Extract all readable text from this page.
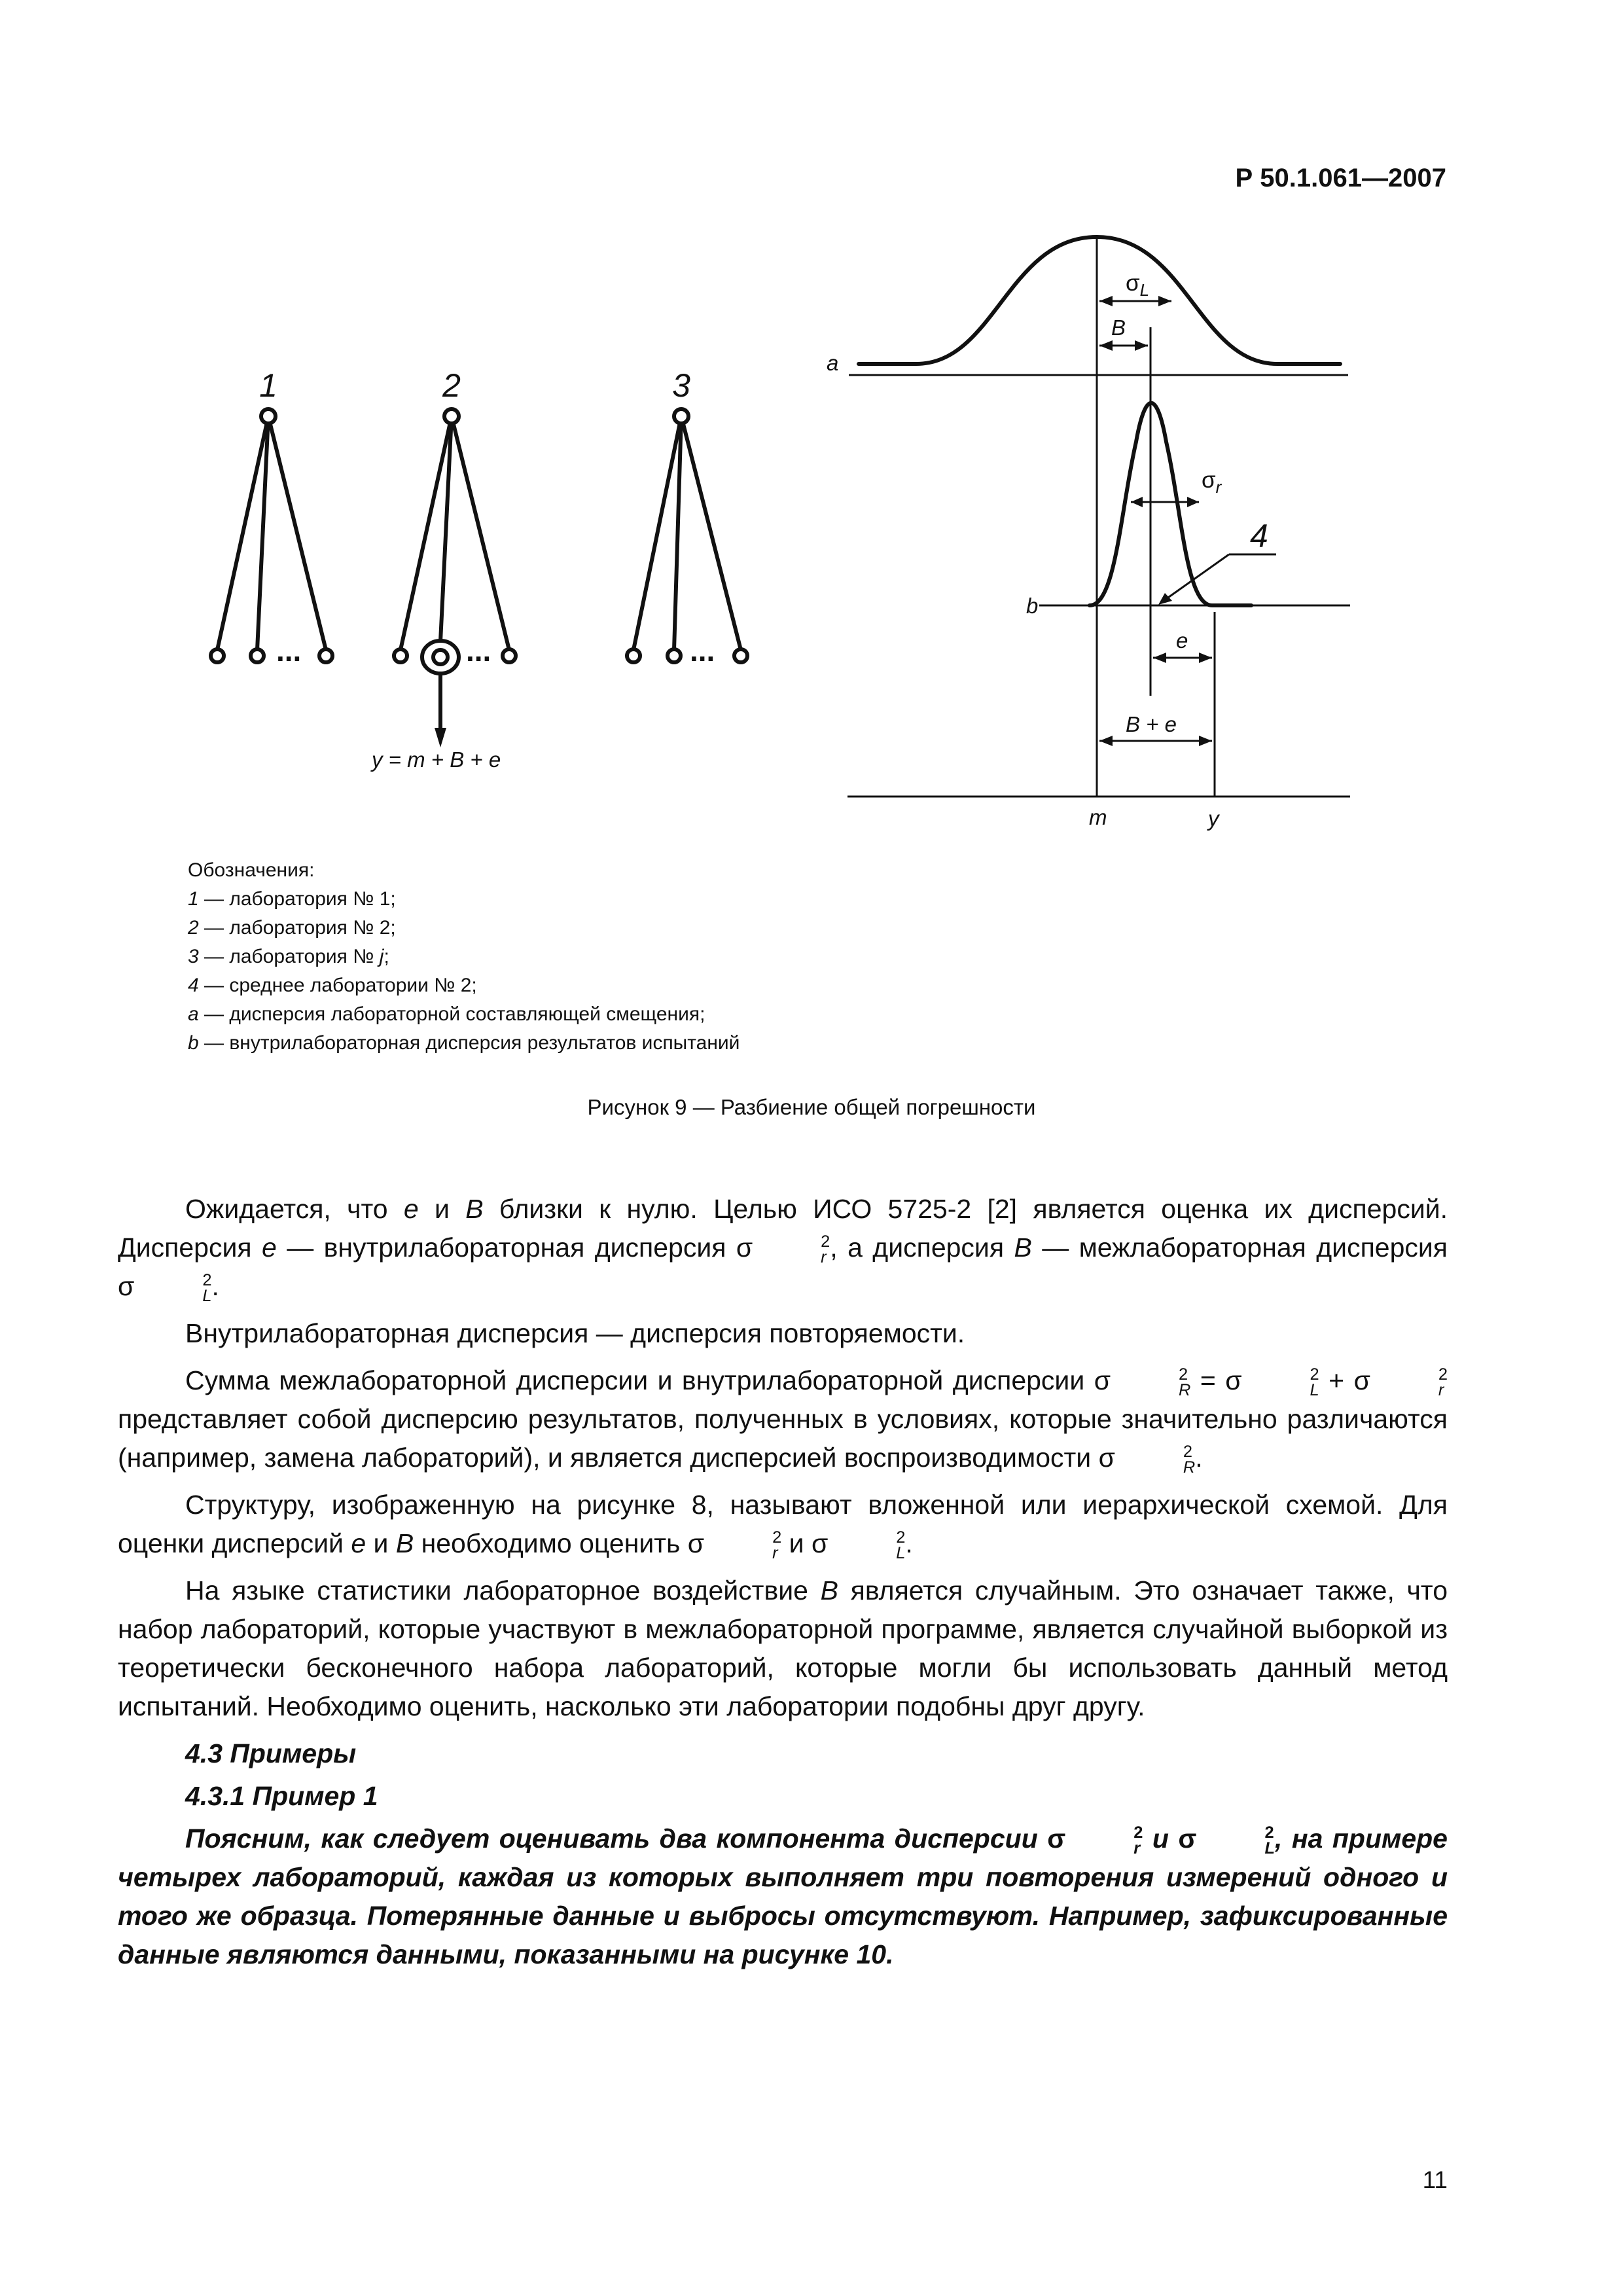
Р 50.1.061—2007
1	2	3
...	...	...
y = m + B + e
a
b
$\sigma_L$
B
$\sigma_r$
4
e
B + e
m	y
Обозначения:
1 — лаборатория № 1;
2 — лаборатория № 2;
3 — лаборатория № j;
4 — среднее лаборатории № 2;
a — дисперсия лабораторной составляющей смещения;
b — внутрилабораторная дисперсия результатов испытаний
Рисунок 9 — Разбиение общей погрешности

Ожидается, что e и B близки к нулю. Целью ИСО 5725-2 [2] является оценка их дисперсий. Дисперсия e — внутрилабораторная дисперсия σ	2
r , а дисперсия B — межлабораторная дисперсия σ	2
L .

Внутрилабораторная дисперсия — дисперсия повторяемости.

Сумма межлабораторной дисперсии и внутрилабораторной дисперсии σ	2
R = σ	2
L + σ	2
r
представляет собой дисперсию результатов, полученных в условиях, которые значительно различаются (например, замена лабораторий), и является дисперсией воспроизводимости σ	2
R .

Структуру, изображенную на рисунке 8, называют вложенной или иерархической схемой. Для оценки дисперсий e и B необходимо оценить σ	2
r и σ	2
L .

На языке статистики лабораторное воздействие B является случайным. Это означает также, что набор лабораторий, которые участвуют в межлабораторной программе, является случайной выборкой из теоретически бесконечного набора лабораторий, которые могли бы использовать данный метод испытаний. Необходимо оценить, насколько эти лаборатории подобны друг другу.

4.3 Примеры

4.3.1 Пример 1

Поясним, как следует оценивать два компонента дисперсии σ	2
r и σ	2
L , на примере четырех лабораторий, каждая из которых выполняет три повторения измерений одного и того же образца. Потерянные данные и выбросы отсутствуют. Например, зафиксированные данные являются данными, показанными на рисунке 10.

11
